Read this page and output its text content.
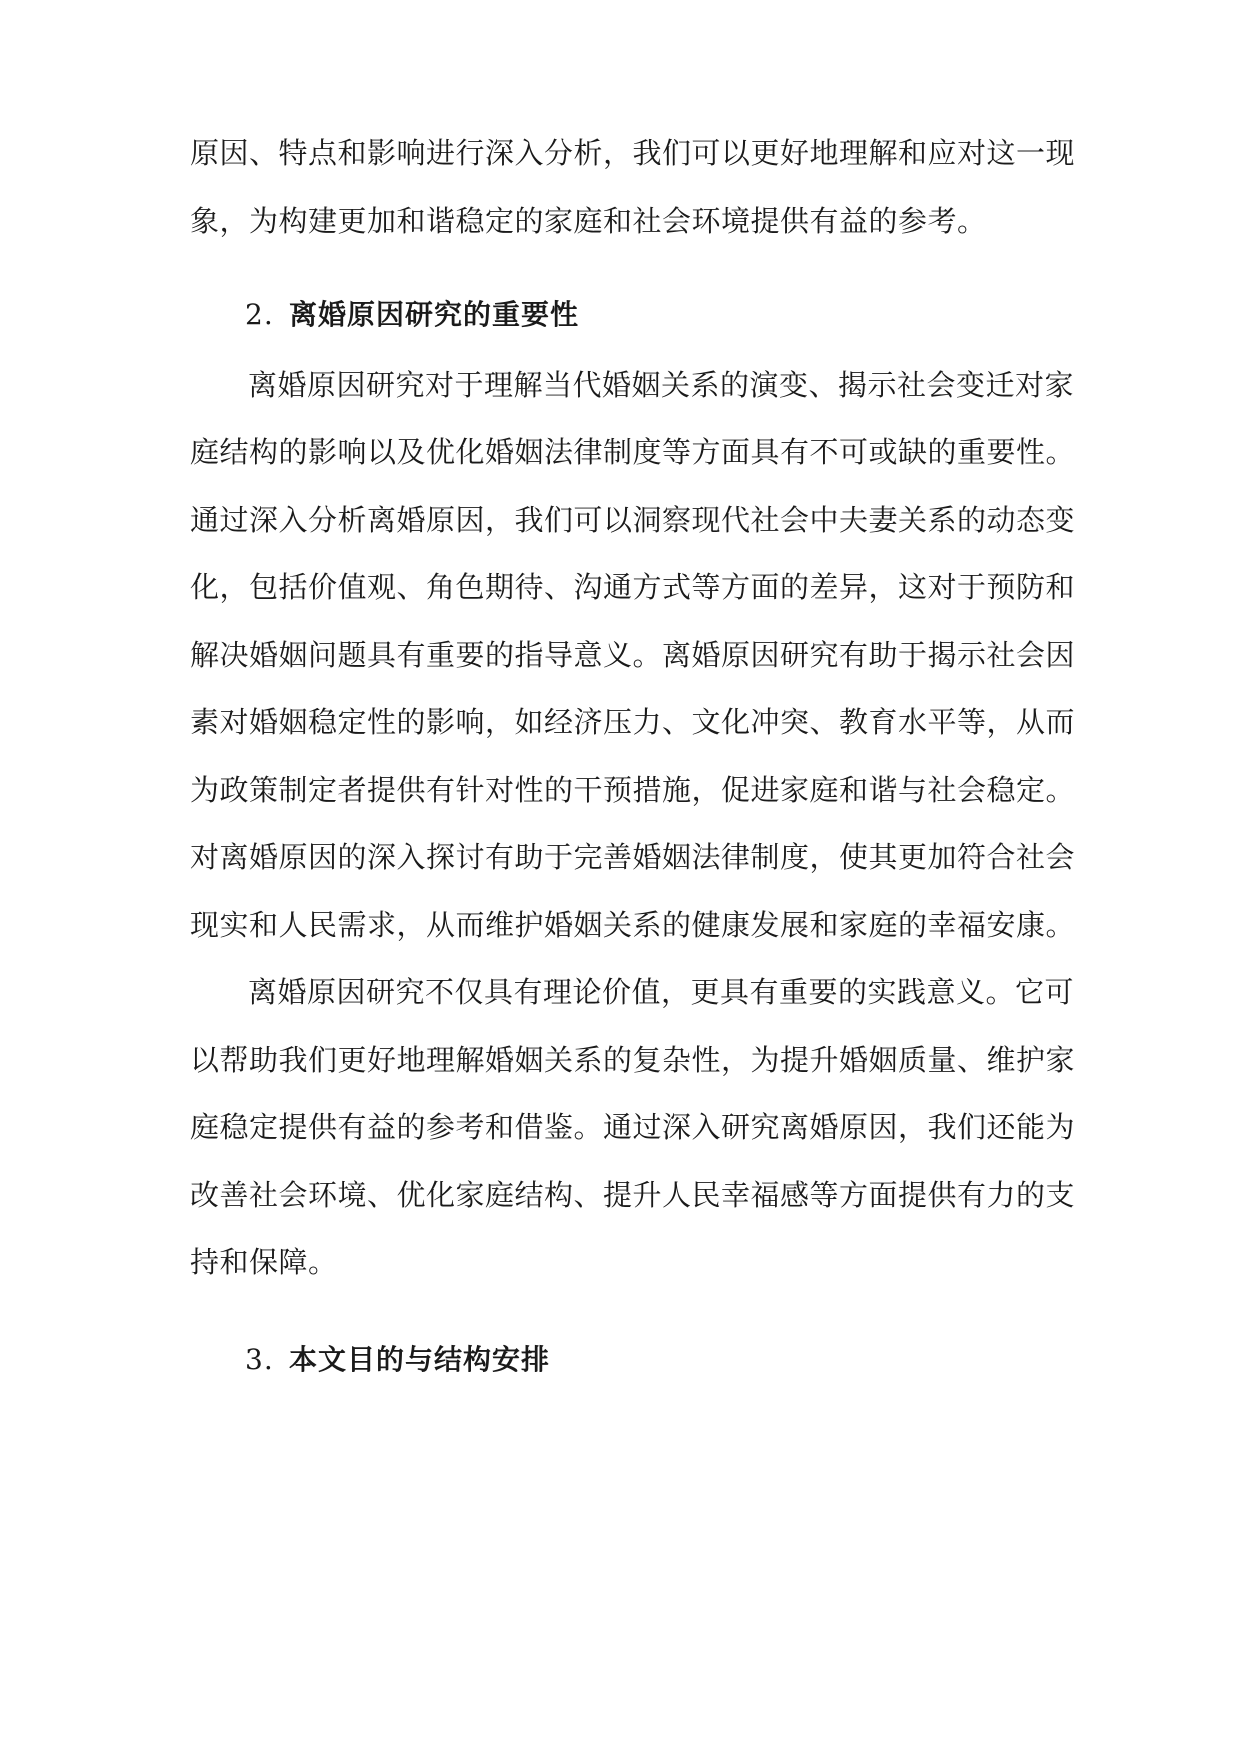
原因、特点和影响进行深入分析，我们可以更好地理解和应对这一现
象，为构建更加和谐稳定的家庭和社会环境提供有益的参考。
2. 离婚原因研究的重要性
离婚原因研究对于理解当代婚姻关系的演变、揭示社会变迁对家
庭结构的影响以及优化婚姻法律制度等方面具有不可或缺的重要性。
通过深入分析离婚原因，我们可以洞察现代社会中夫妻关系的动态变
化，包括价值观、角色期待、沟通方式等方面的差异，这对于预防和
解决婚姻问题具有重要的指导意义。离婚原因研究有助于揭示社会因
素对婚姻稳定性的影响，如经济压力、文化冲突、教育水平等，从而
为政策制定者提供有针对性的干预措施，促进家庭和谐与社会稳定。
对离婚原因的深入探讨有助于完善婚姻法律制度，使其更加符合社会
现实和人民需求，从而维护婚姻关系的健康发展和家庭的幸福安康。
离婚原因研究不仅具有理论价值，更具有重要的实践意义。它可
以帮助我们更好地理解婚姻关系的复杂性，为提升婚姻质量、维护家
庭稳定提供有益的参考和借鉴。通过深入研究离婚原因，我们还能为
改善社会环境、优化家庭结构、提升人民幸福感等方面提供有力的支
持和保障。
3. 本文目的与结构安排
